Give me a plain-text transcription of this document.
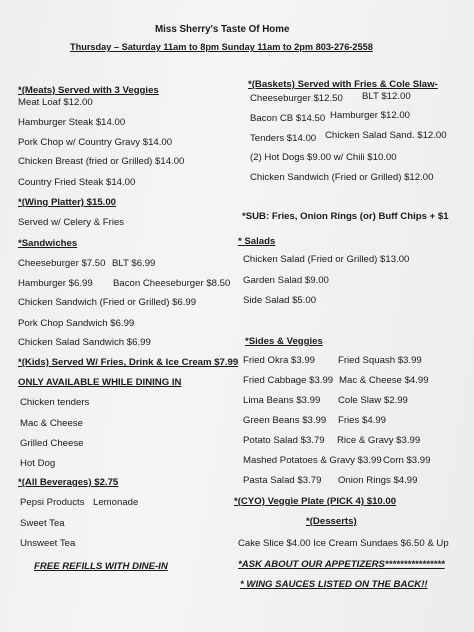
Miss Sherry's Taste Of Home
Thursday – Saturday 11am to 8pm Sunday 11am to 2pm 803-276-2558
*(Meats) Served with 3 Veggies
Meat Loaf $12.00
Hamburger Steak $14.00
Pork Chop w/ Country Gravy $14.00
Chicken Breast (fried or Grilled) $14.00
Country Fried Steak $14.00
*(Wing Platter) $15.00
Served w/ Celery & Fries
*Sandwiches
Cheeseburger $7.50 BLT $6.99
Hamburger $6.99 Bacon Cheeseburger $8.50
Chicken Sandwich (Fried or Grilled) $6.99
Pork Chop Sandwich $6.99
Chicken Salad Sandwich $6.99
*(Kids) Served W/ Fries, Drink & Ice Cream $7.99
ONLY AVAILABLE WHILE DINING IN
Chicken tenders
Mac & Cheese
Grilled Cheese
Hot Dog
*(All Beverages) $2.75
Pepsi Products Lemonade
Sweet Tea
Unsweet Tea
FREE REFILLS WITH DINE-IN
*(Baskets) Served with Fries & Cole Slaw-
Cheeseburger $12.50 BLT $12.00
Hamburger $12.00
Bacon CB $14.50
Tenders $14.00 Chicken Salad Sand. $12.00
(2) Hot Dogs $9.00 w/ Chili $10.00
Chicken Sandwich (Fried or Grilled) $12.00
*SUB: Fries, Onion Rings (or) Buff Chips + $1
* Salads
Chicken Salad (Fried or Grilled) $13.00
Garden Salad $9.00
Side Salad $5.00
*Sides & Veggies
Fried Okra $3.99 Fried Squash $3.99
Fried Cabbage $3.99 Mac & Cheese $4.99
Lima Beans $3.99 Cole Slaw $2.99
Green Beans $3.99 Fries $4.99
Potato Salad $3.79 Rice & Gravy $3.99
Mashed Potatoes & Gravy $3.99 Corn $3.99
Pasta Salad $3.79 Onion Rings $4.99
*(CYO) Veggie Plate (PICK 4) $10.00
*(Desserts)
Cake Slice $4.00 Ice Cream Sundaes $6.50 & Up
*ASK ABOUT OUR APPETIZERS****************
* WING SAUCES LISTED ON THE BACK!!
